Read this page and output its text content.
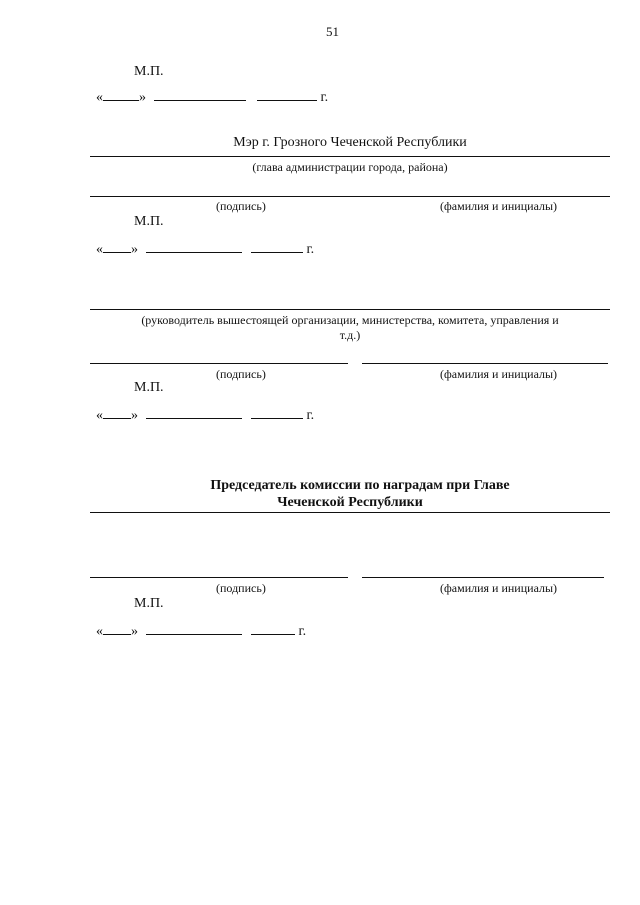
51
М.П.
«	»	г.
Мэр г. Грозного Чеченской Республики
(глава администрации города, района)
(подпись)	(фамилия и инициалы)
М.П.
« »	г.
(руководитель вышестоящей организации, министерства, комитета, управления и
т.д.)
(подпись)	(фамилия и инициалы)
М.П.
« »	г.
Председатель комиссии по наградам при Главе
Чеченской Республики
(подпись)	(фамилия и инициалы)
М.П.
« »	г.
